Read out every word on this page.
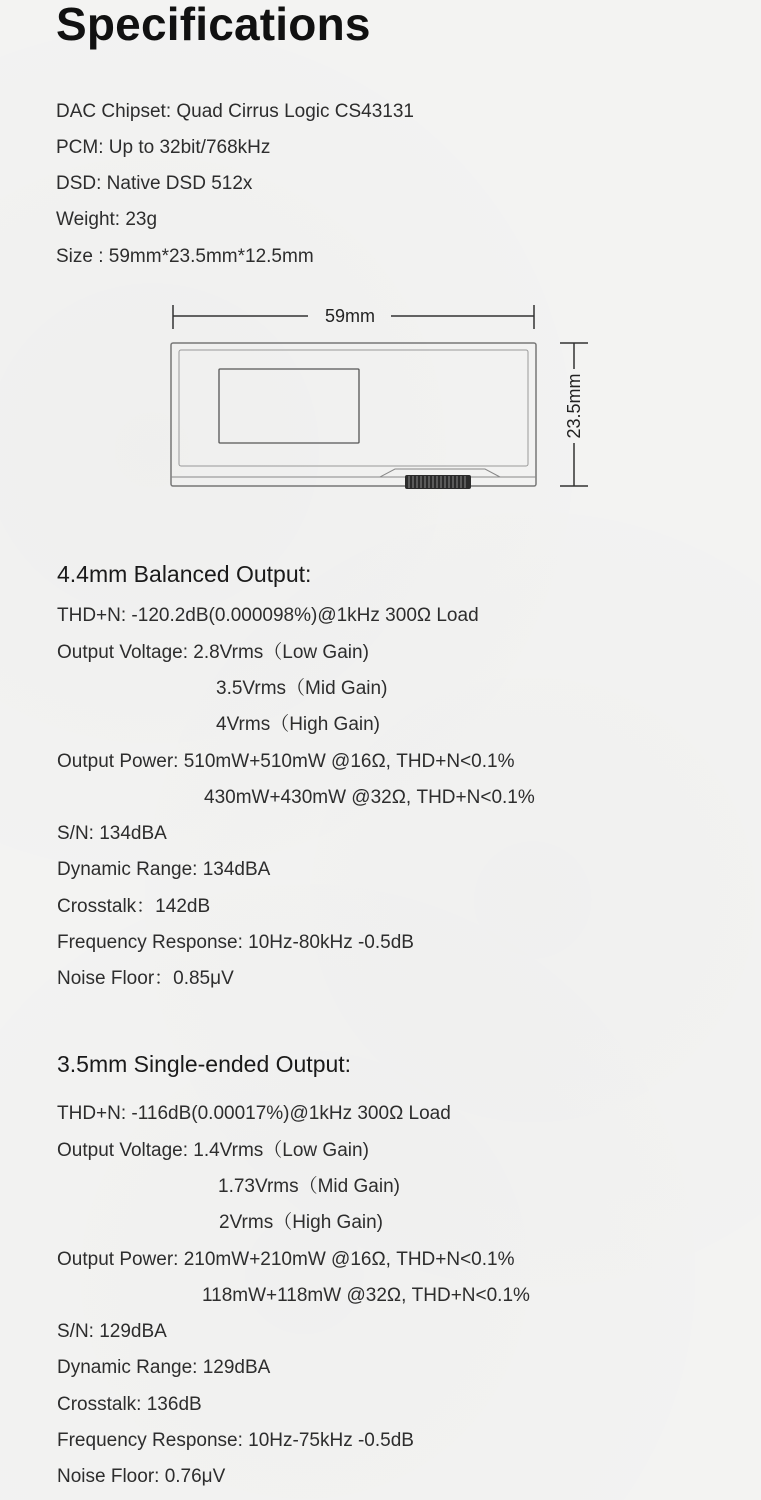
Specifications

DAC Chipset: Quad Cirrus Logic CS43131

PCM: Up to 32bit/768kHz

DSD: Native DSD 512x

Weight: 23g

Size : 59mm*23.5mm*12.5mm

59mm
23.5mm
4.4mm Balanced Output:

THD+N: -120.2dB(0.000098%)@1kHz 300Ω Load

Output Voltage: 2.8Vrms（Low Gain)

3.5Vrms（Mid Gain)

4Vrms（High Gain)

Output Power: 510mW+510mW @16Ω, THD+N<0.1%

430mW+430mW @32Ω, THD+N<0.1%

S/N: 134dBA

Dynamic Range: 134dBA

Crosstalk：142dB

Frequency Response: 10Hz-80kHz -0.5dB

Noise Floor：0.85μV

3.5mm Single-ended Output:

THD+N: -116dB(0.00017%)@1kHz 300Ω Load

Output Voltage: 1.4Vrms（Low Gain)

1.73Vrms（Mid Gain)

2Vrms（High Gain)

Output Power: 210mW+210mW @16Ω, THD+N<0.1%

118mW+118mW @32Ω, THD+N<0.1%

S/N: 129dBA

Dynamic Range: 129dBA

Crosstalk: 136dB

Frequency Response: 10Hz-75kHz -0.5dB

Noise Floor: 0.76μV
